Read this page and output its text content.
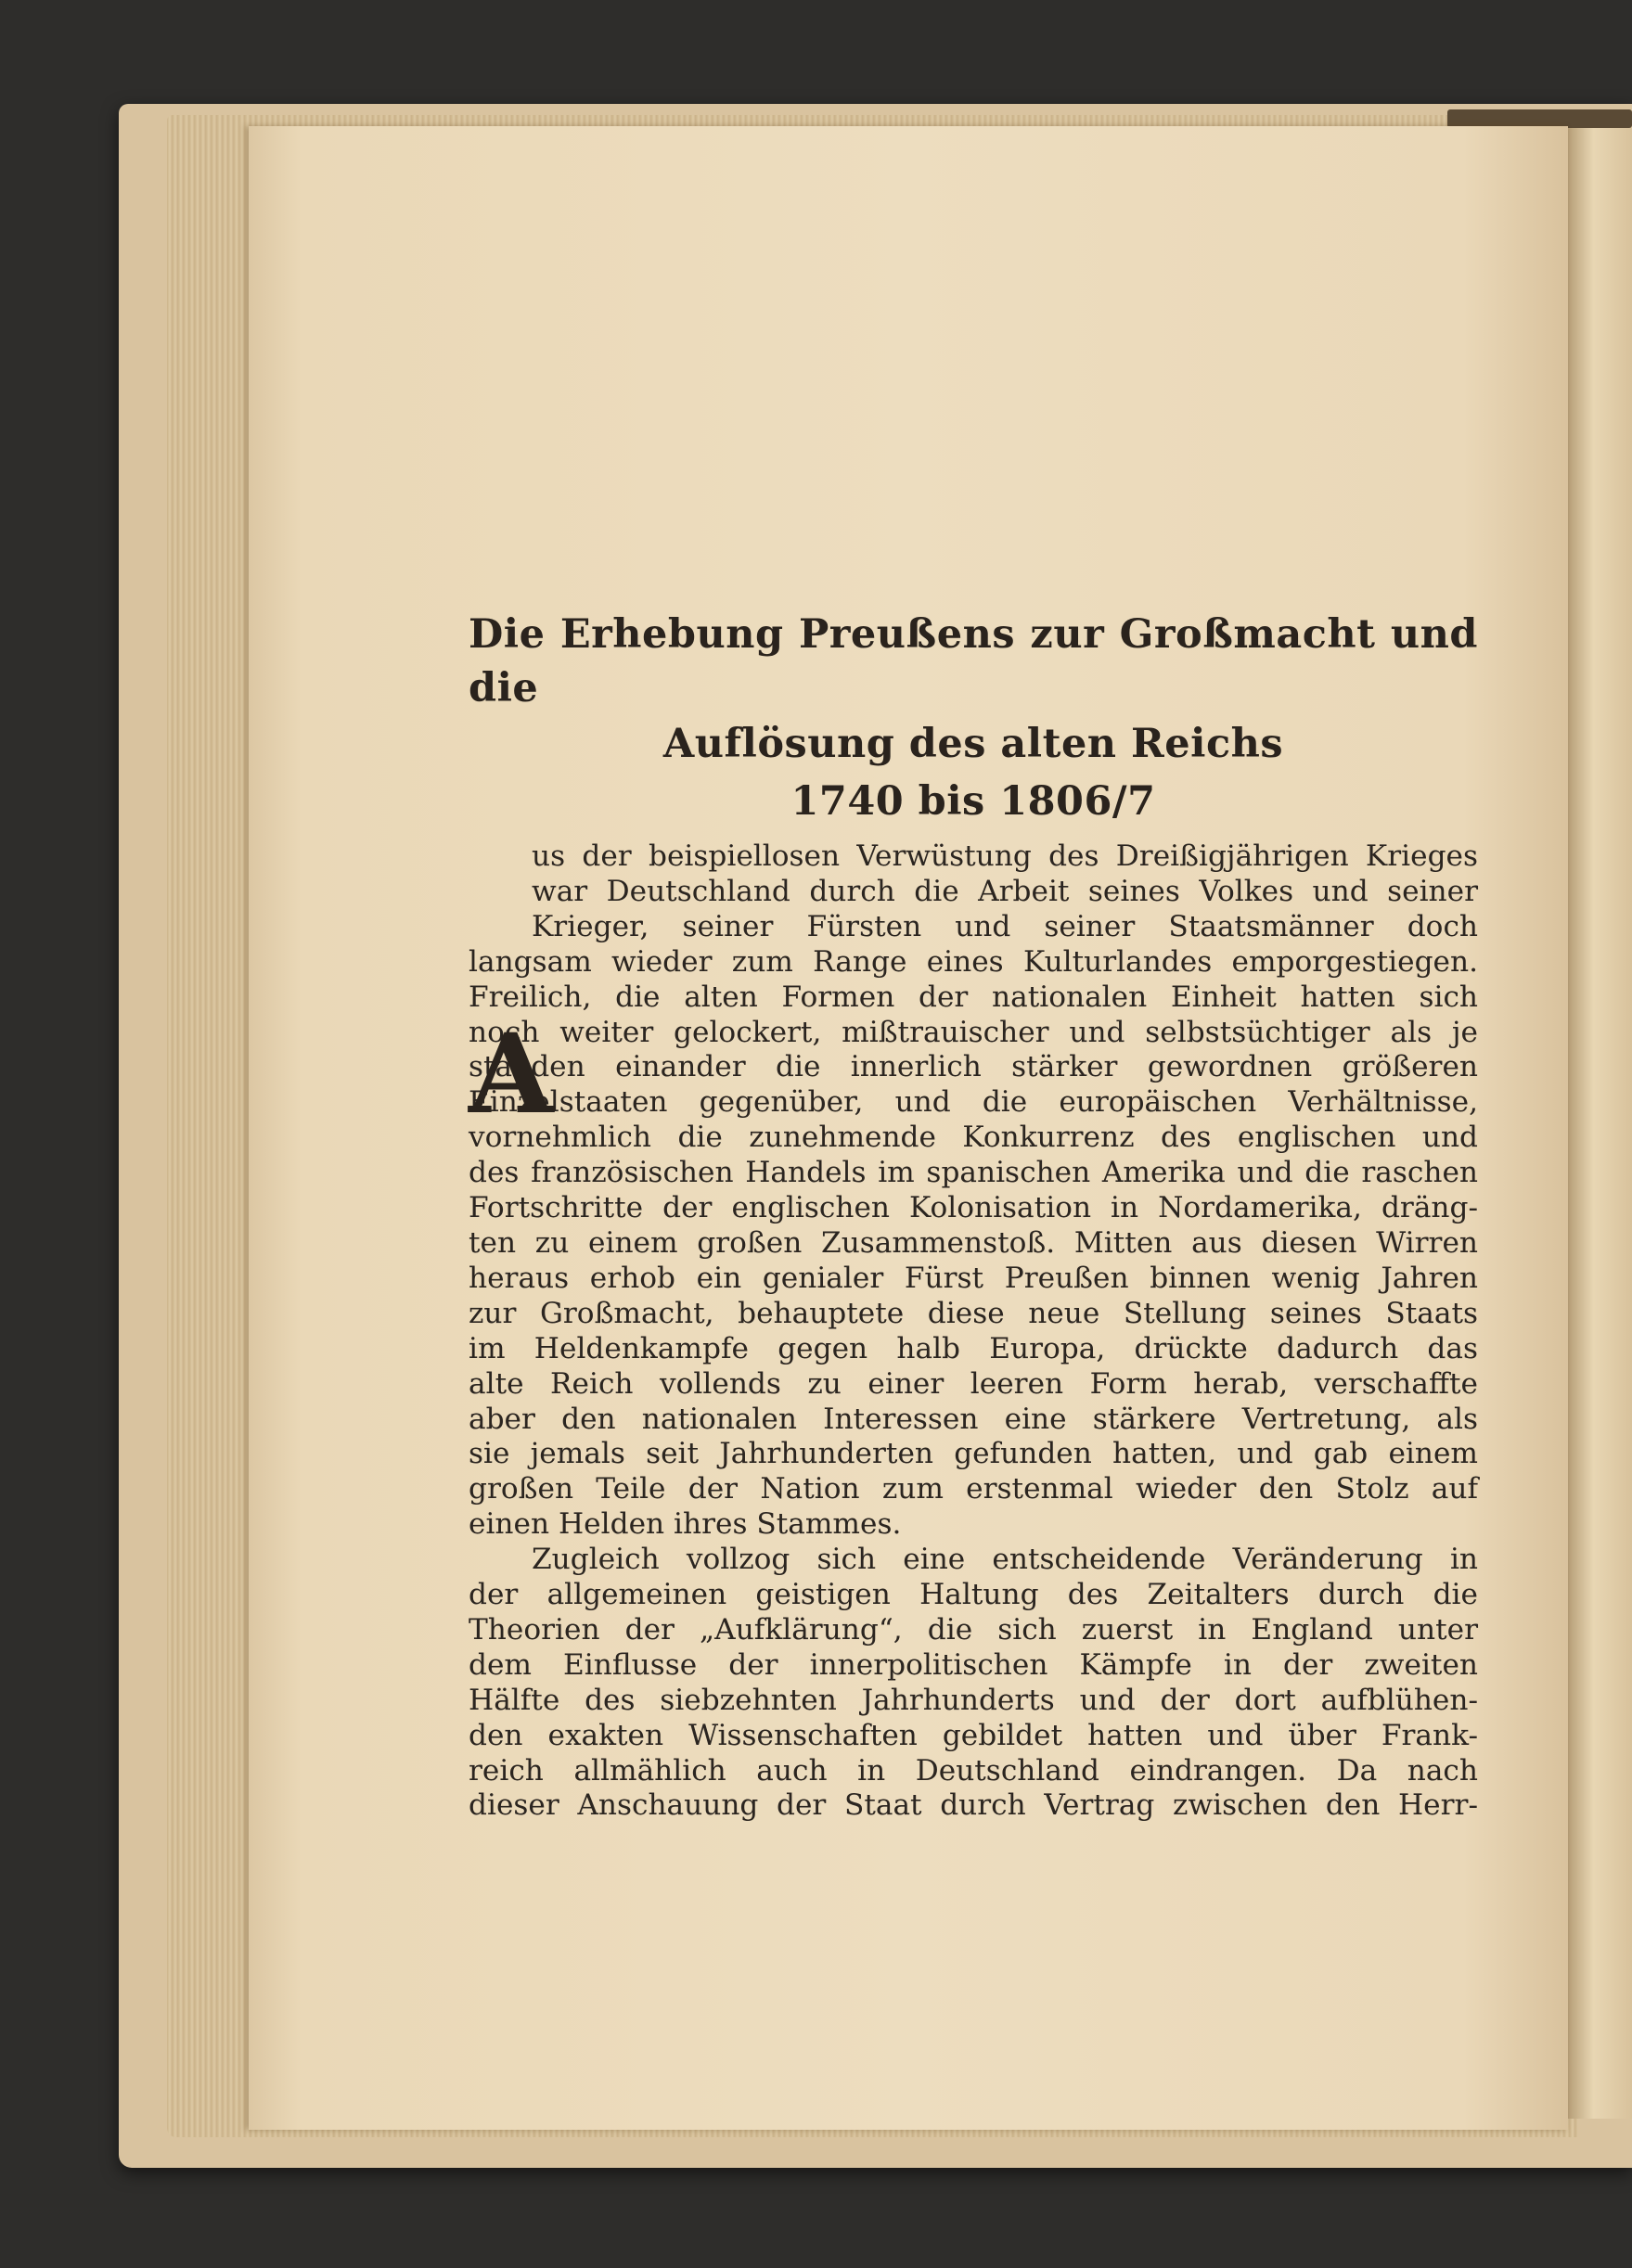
Die Erhebung Preußens zur Großmacht und die

Auflösung des alten Reichs

1740 bis 1806/7

A

us der beispiellosen Verwüstung des Dreißigjährigen Krieges

war Deutschland durch die Arbeit seines Volkes und seiner

Krieger, seiner Fürsten und seiner Staatsmänner doch

langsam wieder zum Range eines Kulturlandes emporgestiegen.

Freilich, die alten Formen der nationalen Einheit hatten sich

noch weiter gelockert, mißtrauischer und selbstsüchtiger als je

standen einander die innerlich stärker gewordnen größeren

Einzelstaaten gegenüber, und die europäischen Verhältnisse,

vornehmlich die zunehmende Konkurrenz des englischen und

des französischen Handels im spanischen Amerika und die raschen

Fortschritte der englischen Kolonisation in Nordamerika, dräng-

ten zu einem großen Zusammenstoß. Mitten aus diesen Wirren

heraus erhob ein genialer Fürst Preußen binnen wenig Jahren

zur Großmacht, behauptete diese neue Stellung seines Staats

im Heldenkampfe gegen halb Europa, drückte dadurch das

alte Reich vollends zu einer leeren Form herab, verschaffte

aber den nationalen Interessen eine stärkere Vertretung, als

sie jemals seit Jahrhunderten gefunden hatten, und gab einem

großen Teile der Nation zum erstenmal wieder den Stolz auf

einen Helden ihres Stammes.

Zugleich vollzog sich eine entscheidende Veränderung in

der allgemeinen geistigen Haltung des Zeitalters durch die

Theorien der „Aufklärung“, die sich zuerst in England unter

dem Einflusse der innerpolitischen Kämpfe in der zweiten

Hälfte des siebzehnten Jahrhunderts und der dort aufblühen-

den exakten Wissenschaften gebildet hatten und über Frank-

reich allmählich auch in Deutschland eindrangen. Da nach

dieser Anschauung der Staat durch Vertrag zwischen den Herr-
